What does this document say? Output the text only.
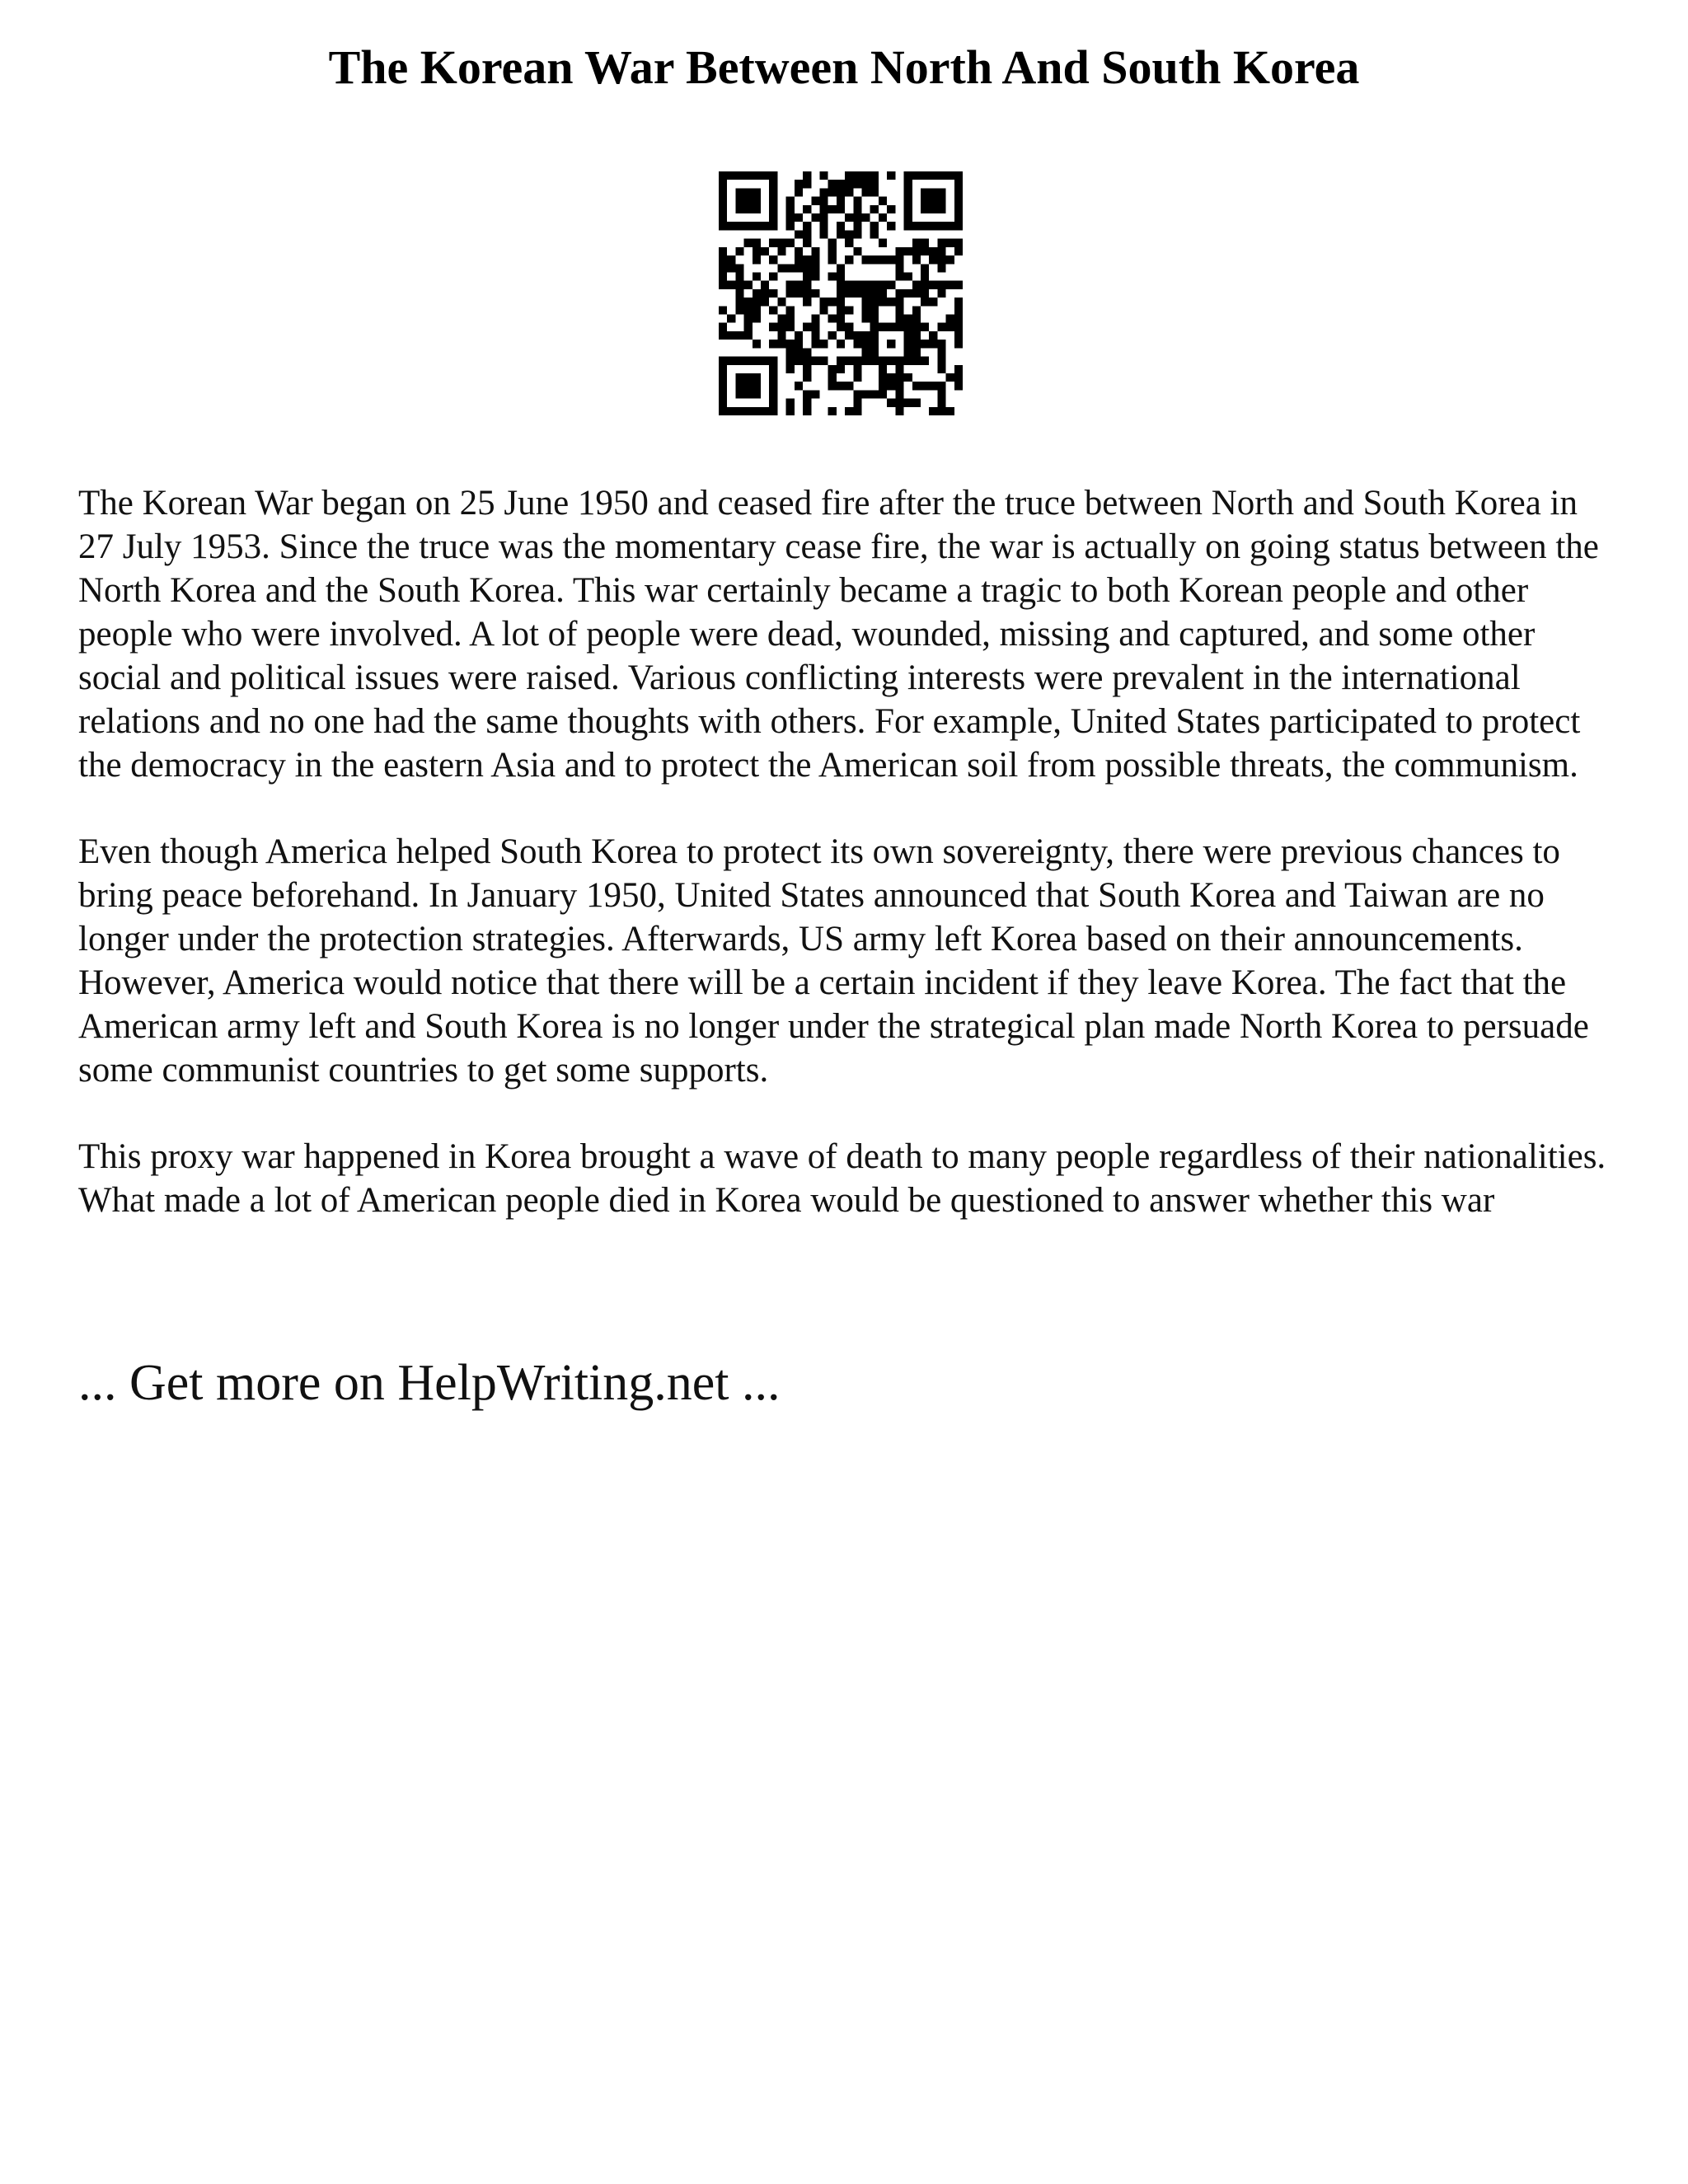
The Korean War Between North And South Korea

The Korean War began on 25 June 1950 and ceased fire after the truce between North and South Korea in 27 July 1953. Since the truce was the momentary cease fire, the war is actually on going status between the North Korea and the South Korea. This war certainly became a tragic to both Korean people and other people who were involved. A lot of people were dead, wounded, missing and captured, and some other social and political issues were raised. Various conflicting interests were prevalent in the international relations and no one had the same thoughts with others. For example, United States participated to protect the democracy in the eastern Asia and to protect the American soil from possible threats, the communism.

Even though America helped South Korea to protect its own sovereignty, there were previous chances to bring peace beforehand. In January 1950, United States announced that South Korea and Taiwan are no longer under the protection strategies. Afterwards, US army left Korea based on their announcements. However, America would notice that there will be a certain incident if they leave Korea. The fact that the American army left and South Korea is no longer under the strategical plan made North Korea to persuade some communist countries to get some supports.

This proxy war happened in Korea brought a wave of death to many people regardless of their nationalities. What made a lot of American people died in Korea would be questioned to answer whether this war

... Get more on HelpWriting.net ...
